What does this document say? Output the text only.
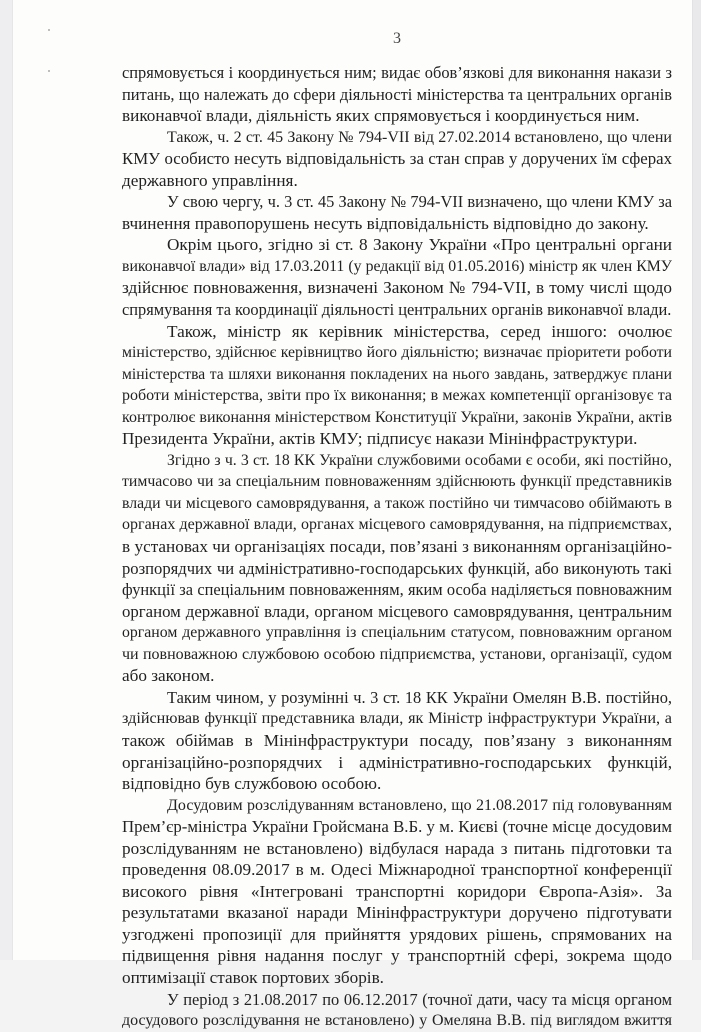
3
спрямовується і координується ним; видає обов’язкові для виконання накази з
питань, що належать до сфери діяльності міністерства та центральних органів
виконавчої влади, діяльність яких спрямовується і координується ним.
Також, ч. 2 ст. 45 Закону № 794-VII від 27.02.2014 встановлено, що члени
КМУ особисто несуть відповідальність за стан справ у доручених їм сферах
державного управління.
У свою чергу, ч. 3 ст. 45 Закону № 794-VII визначено, що члени КМУ за
вчинення правопорушень несуть відповідальність відповідно до закону.
Окрім цього, згідно зі ст. 8 Закону України «Про центральні органи
виконавчої влади» від 17.03.2011 (у редакції від 01.05.2016) міністр як член КМУ
здійснює повноваження, визначені Законом № 794-VII, в тому числі щодо
спрямування та координації діяльності центральних органів виконавчої влади.
Також, міністр як керівник міністерства, серед іншого: очолює
міністерство, здійснює керівництво його діяльністю; визначає пріоритети роботи
міністерства та шляхи виконання покладених на нього завдань, затверджує плани
роботи міністерства, звіти про їх виконання; в межах компетенції організовує та
контролює виконання міністерством Конституції України, законів України, актів
Президента України, актів КМУ; підписує накази Мінінфраструктури.
Згідно з ч. 3 ст. 18 КК України службовими особами є особи, які постійно,
тимчасово чи за спеціальним повноваженням здійснюють функції представників
влади чи місцевого самоврядування, а також постійно чи тимчасово обіймають в
органах державної влади, органах місцевого самоврядування, на підприємствах,
в установах чи організаціях посади, пов’язані з виконанням організаційно-
розпорядчих чи адміністративно-господарських функцій, або виконують такі
функції за спеціальним повноваженням, яким особа наділяється повноважним
органом державної влади, органом місцевого самоврядування, центральним
органом державного управління із спеціальним статусом, повноважним органом
чи повноважною службовою особою підприємства, установи, організації, судом
або законом.
Таким чином, у розумінні ч. 3 ст. 18 КК України Омелян В.В. постійно,
здійснював функції представника влади, як Міністр інфраструктури України, а
також обіймав в Мінінфраструктури посаду, пов’язану з виконанням
організаційно-розпорядчих і адміністративно-господарських функцій,
відповідно був службовою особою.
Досудовим розслідуванням встановлено, що 21.08.2017 під головуванням
Прем’єр-міністра України Гройсмана В.Б. у м. Києві (точне місце досудовим
розслідуванням не встановлено) відбулася нарада з питань підготовки та
проведення 08.09.2017 в м. Одесі Міжнародної транспортної конференції
високого рівня «Інтегровані транспортні коридори Європа-Азія». За
результатами вказаної наради Мінінфраструктури доручено підготувати
узгоджені пропозиції для прийняття урядових рішень, спрямованих на
підвищення рівня надання послуг у транспортній сфері, зокрема щодо
оптимізації ставок портових зборів.
У період з 21.08.2017 по 06.12.2017 (точної дати, часу та місця органом
досудового розслідування не встановлено) у Омеляна В.В. під виглядом вжиття
